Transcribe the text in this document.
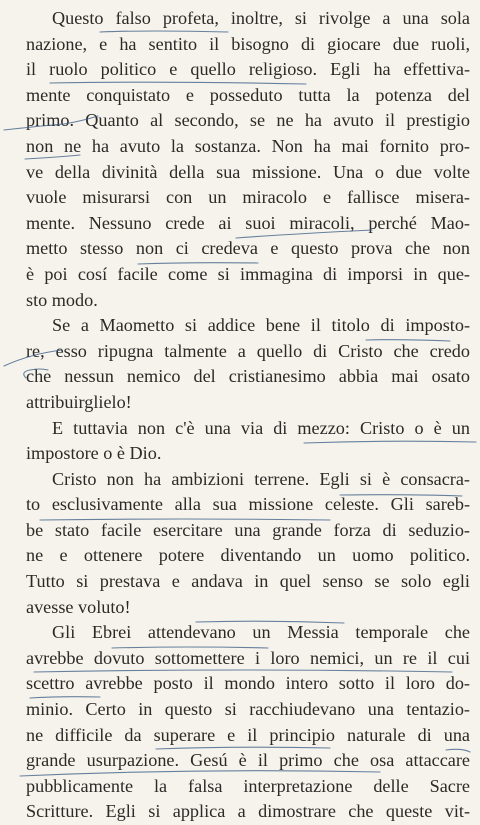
Questo falso profeta, inoltre, si rivolge a una sola
nazione, e ha sentito il bisogno di giocare due ruoli,
il ruolo politico e quello religioso. Egli ha effettiva-
mente conquistato e posseduto tutta la potenza del
primo. Quanto al secondo, se ne ha avuto il prestigio
non ne ha avuto la sostanza. Non ha mai fornito pro-
ve della divinità della sua missione. Una o due volte
vuole misurarsi con un miracolo e fallisce misera-
mente. Nessuno crede ai suoi miracoli, perché Mao-
metto stesso non ci credeva e questo prova che non
è poi cosí facile come si immagina di imporsi in que-
sto modo.
Se a Maometto si addice bene il titolo di imposto-
re, esso ripugna talmente a quello di Cristo che credo
che nessun nemico del cristianesimo abbia mai osato
attribuirglielo!
E tuttavia non c'è una via di mezzo: Cristo o è un
impostore o è Dio.
Cristo non ha ambizioni terrene. Egli si è consacra-
to esclusivamente alla sua missione celeste. Gli sareb-
be stato facile esercitare una grande forza di seduzio-
ne e ottenere potere diventando un uomo politico.
Tutto si prestava e andava in quel senso se solo egli
avesse voluto!
Gli Ebrei attendevano un Messia temporale che
avrebbe dovuto sottomettere i loro nemici, un re il cui
scettro avrebbe posto il mondo intero sotto il loro do-
minio. Certo in questo si racchiudevano una tentazio-
ne difficile da superare e il principio naturale di una
grande usurpazione. Gesú è il primo che osa attaccare
pubblicamente la falsa interpretazione delle Sacre
Scritture. Egli si applica a dimostrare che queste vit-
